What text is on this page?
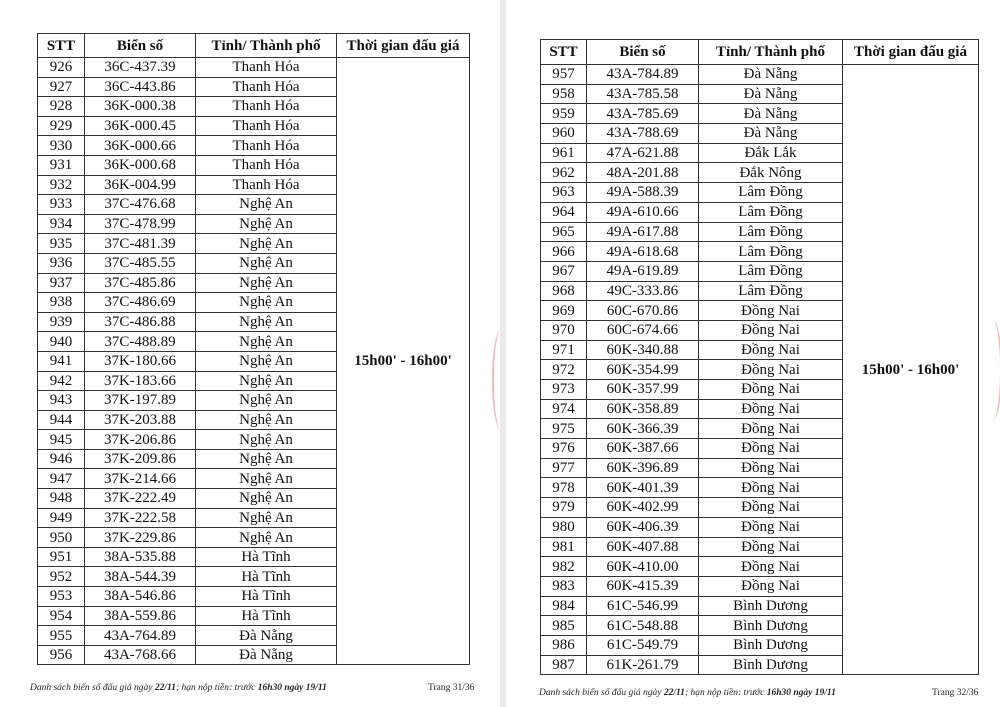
STT	Biển số	Tỉnh/ Thành phố	Thời gian đấu giá
926	36C-437.39	Thanh Hóa	15h00' - 16h00'
927	36C-443.86	Thanh Hóa	
928	36K-000.38	Thanh Hóa	
929	36K-000.45	Thanh Hóa	
930	36K-000.66	Thanh Hóa	
931	36K-000.68	Thanh Hóa	
932	36K-004.99	Thanh Hóa	
933	37C-476.68	Nghệ An	
934	37C-478.99	Nghệ An	
935	37C-481.39	Nghệ An	
936	37C-485.55	Nghệ An	
937	37C-485.86	Nghệ An	
938	37C-486.69	Nghệ An	
939	37C-486.88	Nghệ An	
940	37C-488.89	Nghệ An	
941	37K-180.66	Nghệ An	
942	37K-183.66	Nghệ An	
943	37K-197.89	Nghệ An	
944	37K-203.88	Nghệ An	
945	37K-206.86	Nghệ An	
946	37K-209.86	Nghệ An	
947	37K-214.66	Nghệ An	
948	37K-222.49	Nghệ An	
949	37K-222.58	Nghệ An	
950	37K-229.86	Nghệ An	
951	38A-535.88	Hà Tĩnh	
952	38A-544.39	Hà Tĩnh	
953	38A-546.86	Hà Tĩnh	
954	38A-559.86	Hà Tĩnh	
955	43A-764.89	Đà Nẵng	
956	43A-768.66	Đà Nẵng	
Danh sách biển số đấu giá ngày 22/11; hạn nộp tiền: trước 16h30 ngày 19/11	Trang 31/36
STT	Biển số	Tỉnh/ Thành phố	Thời gian đấu giá
957	43A-784.89	Đà Nẵng	15h00' - 16h00'
958	43A-785.58	Đà Nẵng	
959	43A-785.69	Đà Nẵng	
960	43A-788.69	Đà Nẵng	
961	47A-621.88	Đắk Lắk	
962	48A-201.88	Đắk Nông	
963	49A-588.39	Lâm Đồng	
964	49A-610.66	Lâm Đồng	
965	49A-617.88	Lâm Đồng	
966	49A-618.68	Lâm Đồng	
967	49A-619.89	Lâm Đồng	
968	49C-333.86	Lâm Đồng	
969	60C-670.86	Đồng Nai	
970	60C-674.66	Đồng Nai	
971	60K-340.88	Đồng Nai	
972	60K-354.99	Đồng Nai	
973	60K-357.99	Đồng Nai	
974	60K-358.89	Đồng Nai	
975	60K-366.39	Đồng Nai	
976	60K-387.66	Đồng Nai	
977	60K-396.89	Đồng Nai	
978	60K-401.39	Đồng Nai	
979	60K-402.99	Đồng Nai	
980	60K-406.39	Đồng Nai	
981	60K-407.88	Đồng Nai	
982	60K-410.00	Đồng Nai	
983	60K-415.39	Đồng Nai	
984	61C-546.99	Bình Dương	
985	61C-548.88	Bình Dương	
986	61C-549.79	Bình Dương	
987	61K-261.79	Bình Dương	
Danh sách biển số đấu giá ngày 22/11; hạn nộp tiền: trước 16h30 ngày 19/11	Trang 32/36
